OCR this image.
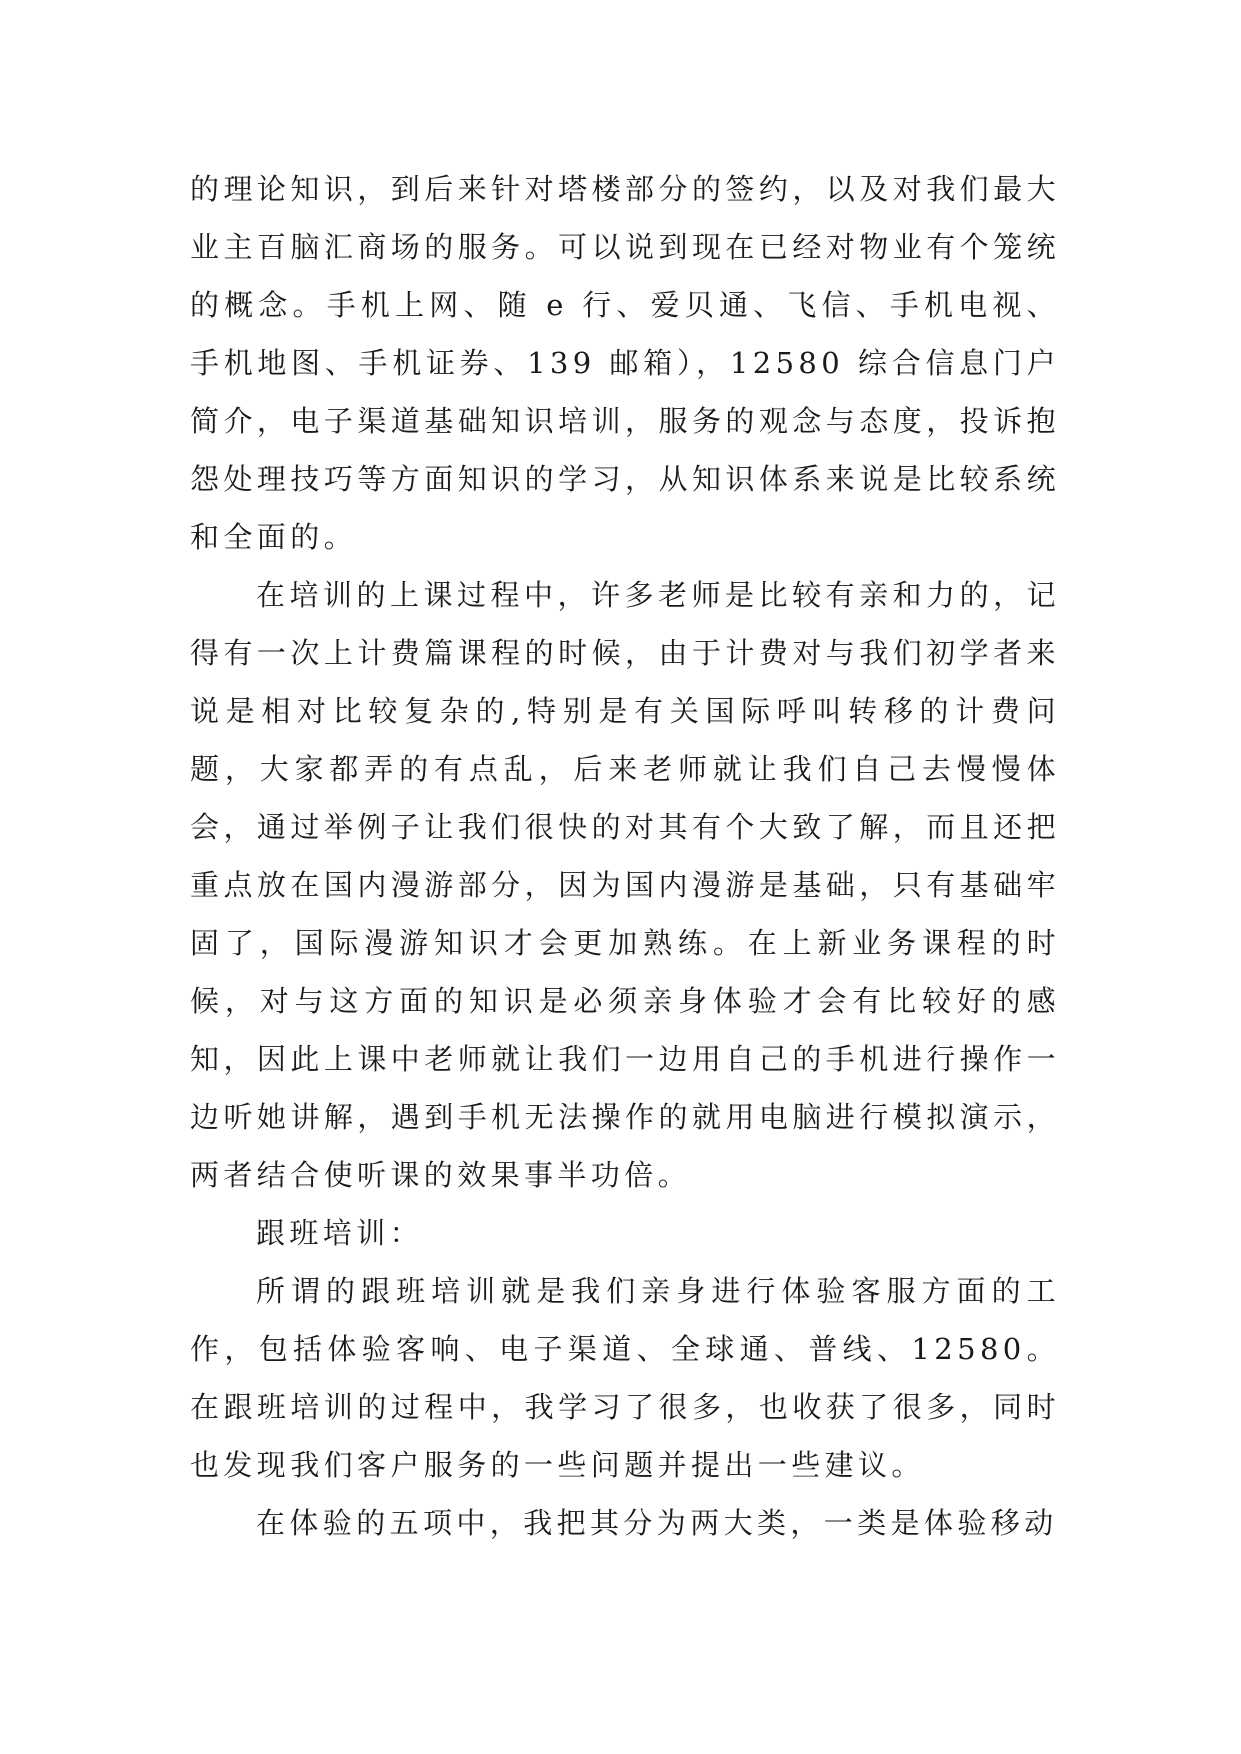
的理论知识，到后来针对塔楼部分的签约，以及对我们最大业主百脑汇商场的服务。可以说到现在已经对物业有个笼统的概念。手机上网、随 e 行、爱贝通、飞信、手机电视、手机地图、手机证券、139 邮箱），12580 综合信息门户简介，电子渠道基础知识培训，服务的观念与态度，投诉抱怨处理技巧等方面知识的学习，从知识体系来说是比较系统和全面的。

在培训的上课过程中，许多老师是比较有亲和力的，记得有一次上计费篇课程的时候，由于计费对与我们初学者来说是相对比较复杂的,特别是有关国际呼叫转移的计费问题，大家都弄的有点乱，后来老师就让我们自己去慢慢体会，通过举例子让我们很快的对其有个大致了解，而且还把重点放在国内漫游部分，因为国内漫游是基础，只有基础牢固了，国际漫游知识才会更加熟练。在上新业务课程的时候，对与这方面的知识是必须亲身体验才会有比较好的感知，因此上课中老师就让我们一边用自己的手机进行操作一边听她讲解，遇到手机无法操作的就用电脑进行模拟演示，两者结合使听课的效果事半功倍。

跟班培训：

所谓的跟班培训就是我们亲身进行体验客服方面的工作，包括体验客响、电子渠道、全球通、普线、12580。在跟班培训的过程中，我学习了很多，也收获了很多，同时也发现我们客户服务的一些问题并提出一些建议。

在体验的五项中，我把其分为两大类，一类是体验移动
